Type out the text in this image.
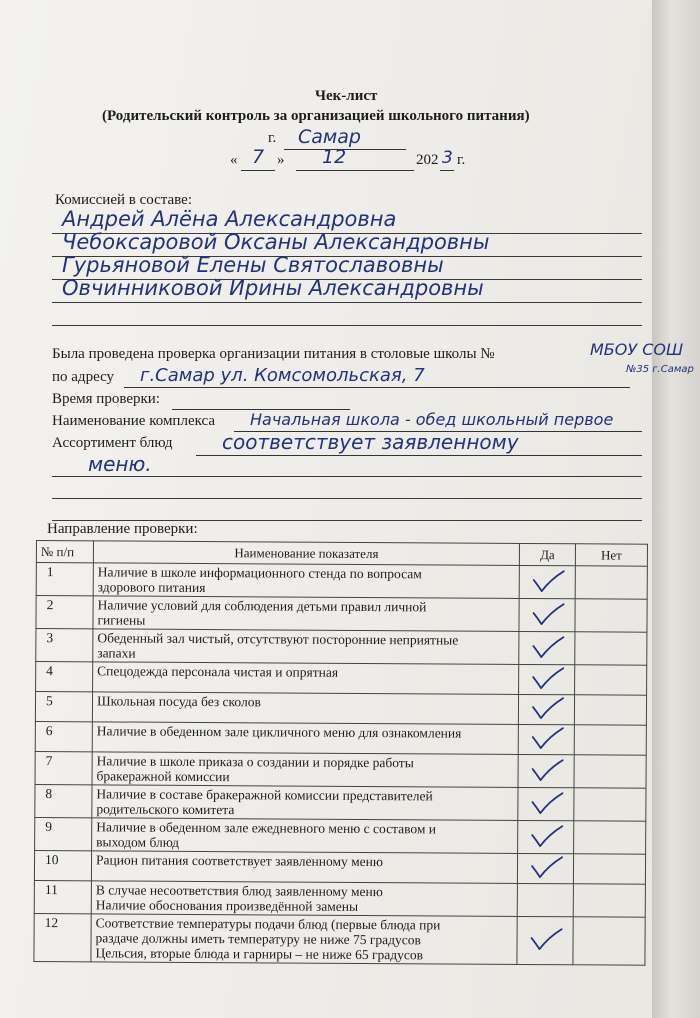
Чек-лист
(Родительский контроль за организацией школьного питания)
г. Самар
« 7 » 12	202 3 г.
Комиссией в составе:
Андрей Алёна Александровна
Чебоксаровой Оксаны Александровны
Гурьяновой Елены Святославовны
Овчинниковой Ирины Александровны
Была проведена проверка организации питания в столовые школы №	МБОУ СОШ
№35 г.Самар
по адресу г.Самар ул. Комсомольская, 7
Время проверки:
Наименование комплекса Начальная школа - обед школьный первое
Ассортимент блюд соответствует заявленному
меню.
Направление проверки:
№ п/п	Наименование показателя	Да	Нет
1	Наличие в школе информационного стенда по вопросам
здорового питания

2	Наличие условий для соблюдения детьми правил личной
гигиены

3	Обеденный зал чистый, отсутствуют посторонние неприятные
запахи

4	Спецодежда персонала чистая и опрятная

5	Школьная посуда без сколов

6	Наличие в обеденном зале цикличного меню для ознакомления

7	Наличие в школе приказа о создании и порядке работы
бракеражной комиссии

8	Наличие в составе бракеражной комиссии представителей
родительского комитета

9	Наличие в обеденном зале ежедневного меню с составом и
выходом блюд

10	Рацион питания соответствует заявленному меню

11	В случае несоответствия блюд заявленному меню
Наличие обоснования произведённой замены		

12	Соответствие температуры подачи блюд (первые блюда при
раздаче должны иметь температуру не ниже 75 градусов
Цельсия, вторые блюда и гарниры – не ниже 65 градусов
